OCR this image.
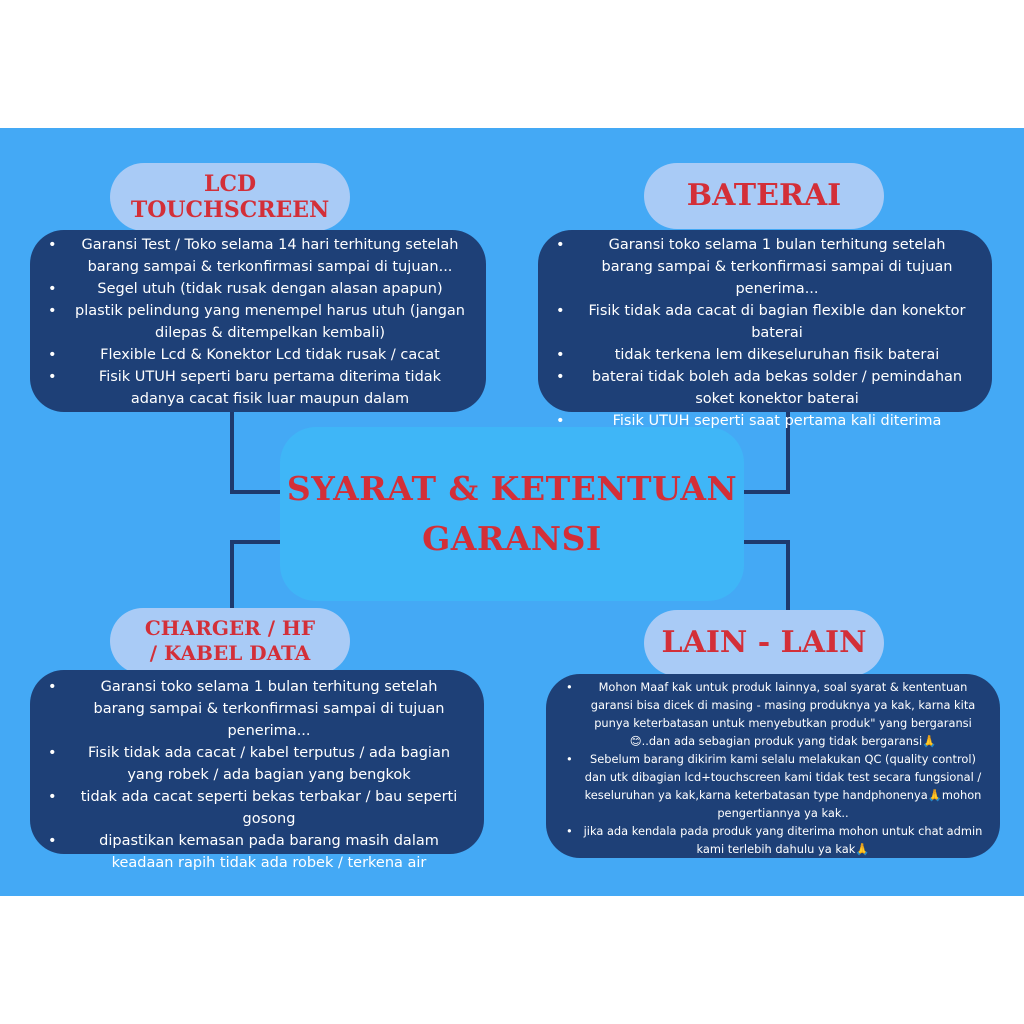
SYARAT & KETENTUAN
GARANSI
LCD
TOUCHSCREEN
• Garansi Test / Toko selama 14 hari terhitung setelah barang sampai & terkonfirmasi sampai di tujuan...
• Segel utuh (tidak rusak dengan alasan apapun)
• plastik pelindung yang menempel harus utuh (jangan dilepas & ditempelkan kembali)
• Flexible Lcd & Konektor Lcd tidak rusak / cacat
• Fisik UTUH seperti baru pertama diterima tidak adanya cacat fisik luar maupun dalam
BATERAI
• Garansi toko selama 1 bulan terhitung setelah barang sampai & terkonfirmasi sampai di tujuan penerima...
• Fisik tidak ada cacat di bagian flexible dan konektor baterai
• tidak terkena lem dikeseluruhan fisik baterai
• baterai tidak boleh ada bekas solder / pemindahan soket konektor baterai
• Fisik UTUH seperti saat pertama kali diterima
CHARGER / HF
/ KABEL DATA
• Garansi toko selama 1 bulan terhitung setelah barang sampai & terkonfirmasi sampai di tujuan penerima...
• Fisik tidak ada cacat / kabel terputus / ada bagian yang robek / ada bagian yang bengkok
• tidak ada cacat seperti bekas terbakar / bau seperti gosong
• dipastikan kemasan pada barang masih dalam keadaan rapih tidak ada robek / terkena air
LAIN - LAIN
• Mohon Maaf kak untuk produk lainnya, soal syarat & kententuan garansi bisa dicek di masing - masing produknya ya kak, karna kita punya keterbatasan untuk menyebutkan produk" yang bergaransi😊..dan ada sebagian produk yang tidak bergaransi🙏
• Sebelum barang dikirim kami selalu melakukan QC (quality control) dan utk dibagian lcd+touchscreen kami tidak test secara fungsional / keseluruhan ya kak,karna keterbatasan type handphonenya🙏mohon pengertiannya ya kak..
• jika ada kendala pada produk yang diterima mohon untuk chat admin kami terlebih dahulu ya kak🙏
